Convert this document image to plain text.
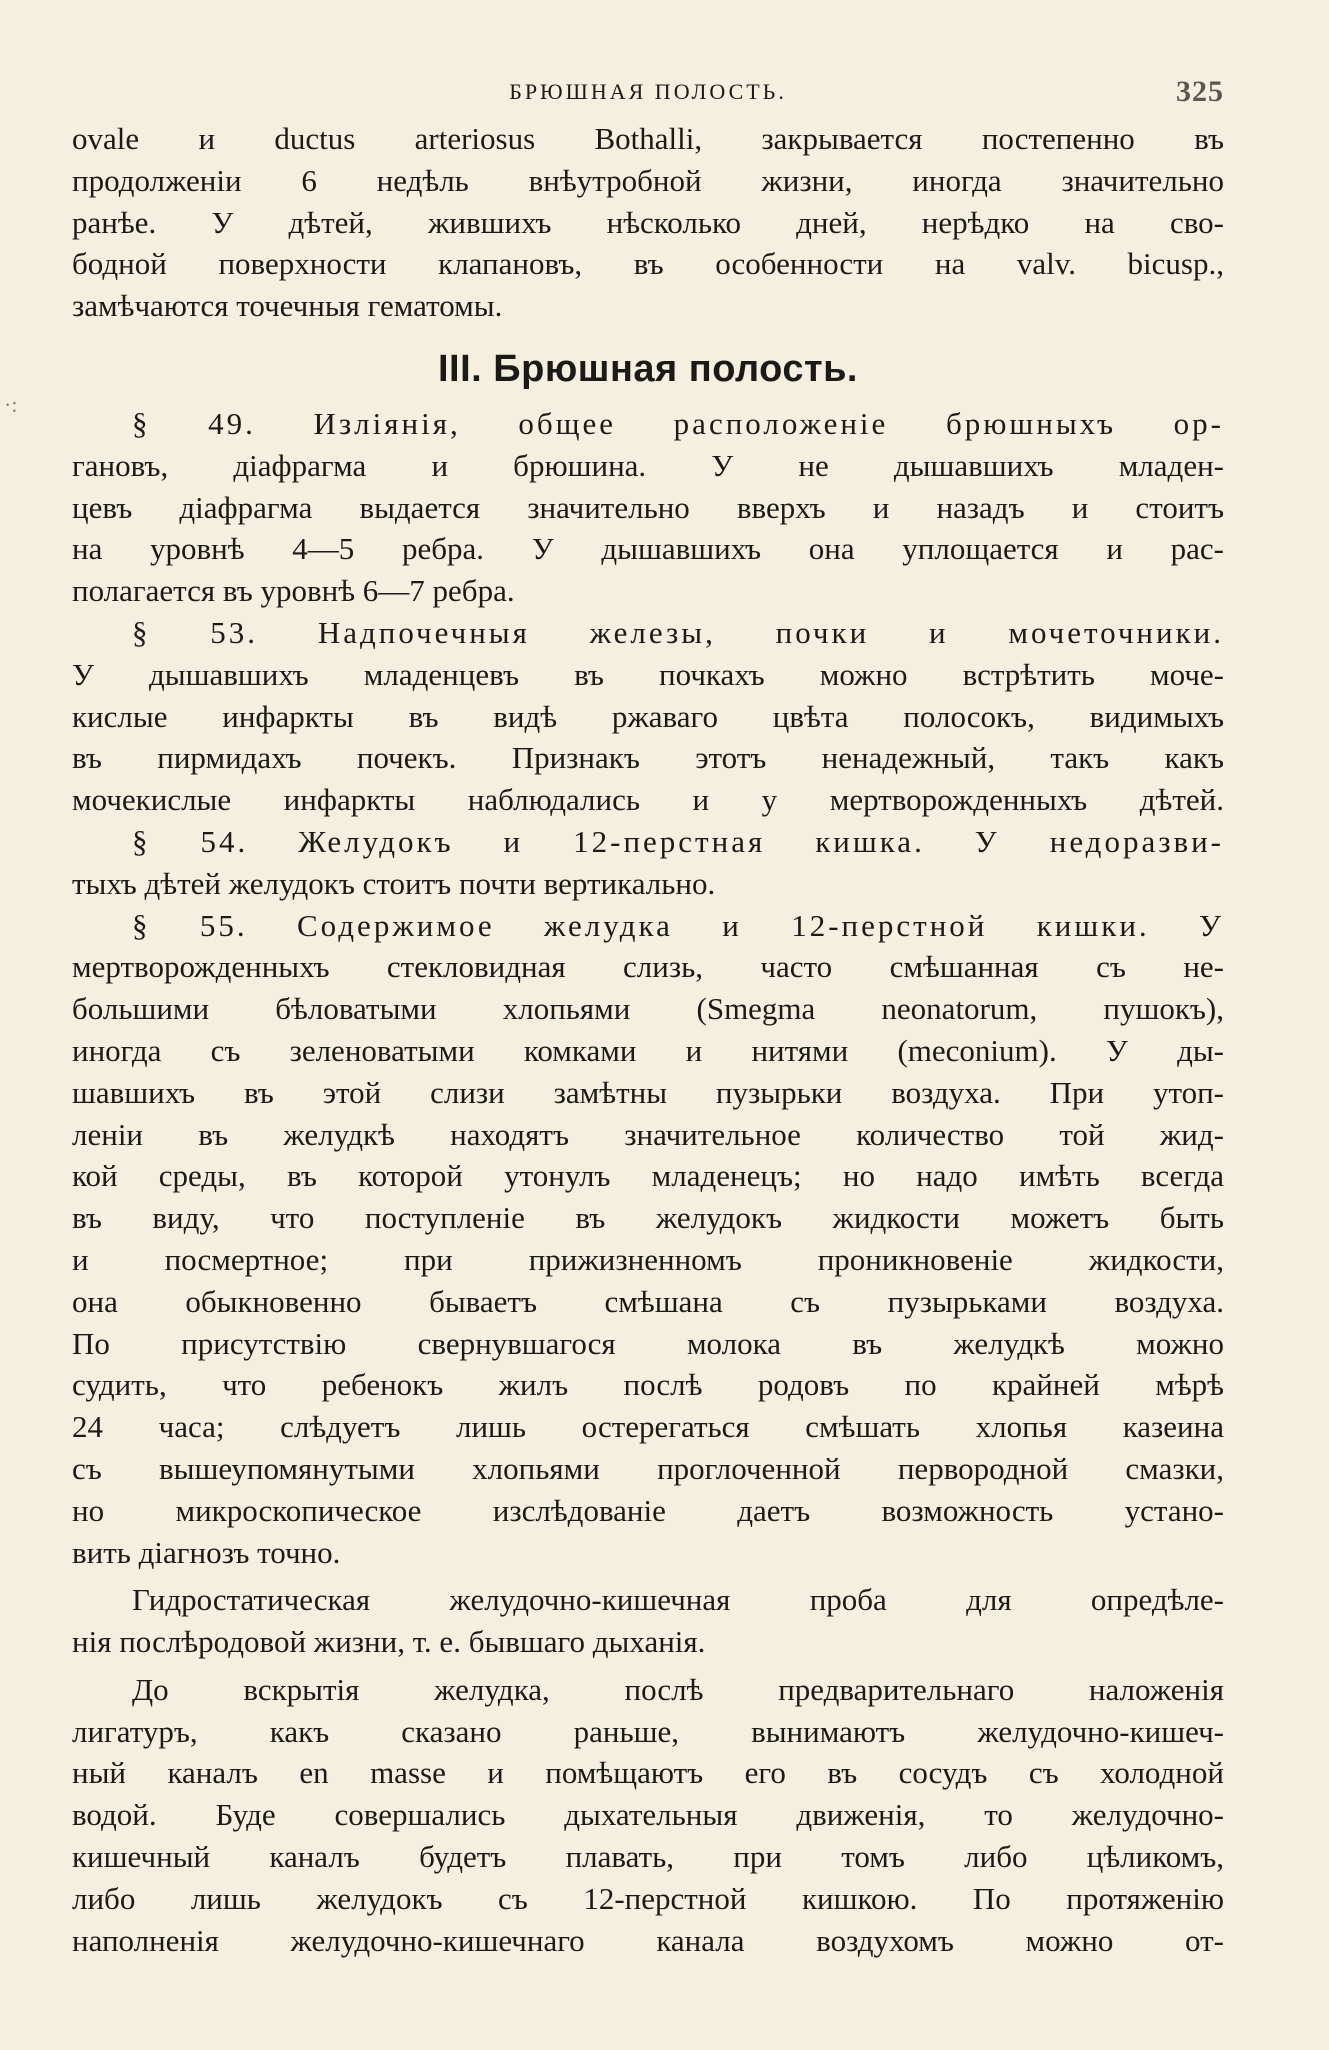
·:
БРЮШНАЯ ПОЛОСТЬ.	325
ovale и ductus arteriosus Bothalli, закрывается постепенно въ
продолженіи 6 недѣль внѣутробной жизни, иногда значительно
ранѣе. У дѣтей, жившихъ нѣсколько дней, нерѣдко на сво-
бодной поверхности клапановъ, въ особенности на valv. bicusp.,
замѣчаются точечныя гематомы.
III. Брюшная полость.
§ 49. Изліянія, общее расположеніе брюшныхъ ор-
гановъ, діафрагма и брюшина. У не дышавшихъ младен-
цевъ діафрагма выдается значительно вверхъ и назадъ и стоитъ
на уровнѣ 4—5 ребра. У дышавшихъ она уплощается и рас-
полагается въ уровнѣ 6—7 ребра.
§ 53. Надпочечныя железы, почки и мочеточники.
У дышавшихъ младенцевъ въ почкахъ можно встрѣтить моче-
кислые инфаркты въ видѣ ржаваго цвѣта полосокъ, видимыхъ
въ пирмидахъ почекъ. Признакъ этотъ ненадежный, такъ какъ
мочекислые инфаркты наблюдались и у мертворожденныхъ дѣтей.
§ 54. Желудокъ и 12-перстная кишка. У недоразви-
тыхъ дѣтей желудокъ стоитъ почти вертикально.
§ 55. Содержимое желудка и 12-перстной кишки. У
мертворожденныхъ стекловидная слизь, часто смѣшанная съ не-
большими бѣловатыми хлопьями (Smegma neonatorum, пушокъ),
иногда съ зеленоватыми комками и нитями (meconium). У ды-
шавшихъ въ этой слизи замѣтны пузырьки воздуха. При утоп-
леніи въ желудкѣ находятъ значительное количество той жид-
кой среды, въ которой утонулъ младенецъ; но надо имѣть всегда
въ виду, что поступленіе въ желудокъ жидкости можетъ быть
и посмертное; при прижизненномъ проникновеніе жидкости,
она обыкновенно бываетъ смѣшана съ пузырьками воздуха.
По присутствію свернувшагося молока въ желудкѣ можно
судить, что ребенокъ жилъ послѣ родовъ по крайней мѣрѣ
24 часа; слѣдуетъ лишь остерегаться смѣшать хлопья казеина
съ вышеупомянутыми хлопьями проглоченной первородной смазки,
но микроскопическое изслѣдованіе даетъ возможность устано-
вить діагнозъ точно.
Гидростатическая желудочно-кишечная проба для опредѣле-
нія послѣродовой жизни, т. е. бывшаго дыханія.
До вскрытія желудка, послѣ предварительнаго наложенія
лигатуръ, какъ сказано раньше, вынимаютъ желудочно-кишеч-
ный каналъ en masse и помѣщаютъ его въ сосудъ съ холодной
водой. Буде совершались дыхательныя движенія, то желудочно-
кишечный каналъ будетъ плавать, при томъ либо цѣликомъ,
либо лишь желудокъ съ 12-перстной кишкою. По протяженію
наполненія желудочно-кишечнаго канала воздухомъ можно от-
